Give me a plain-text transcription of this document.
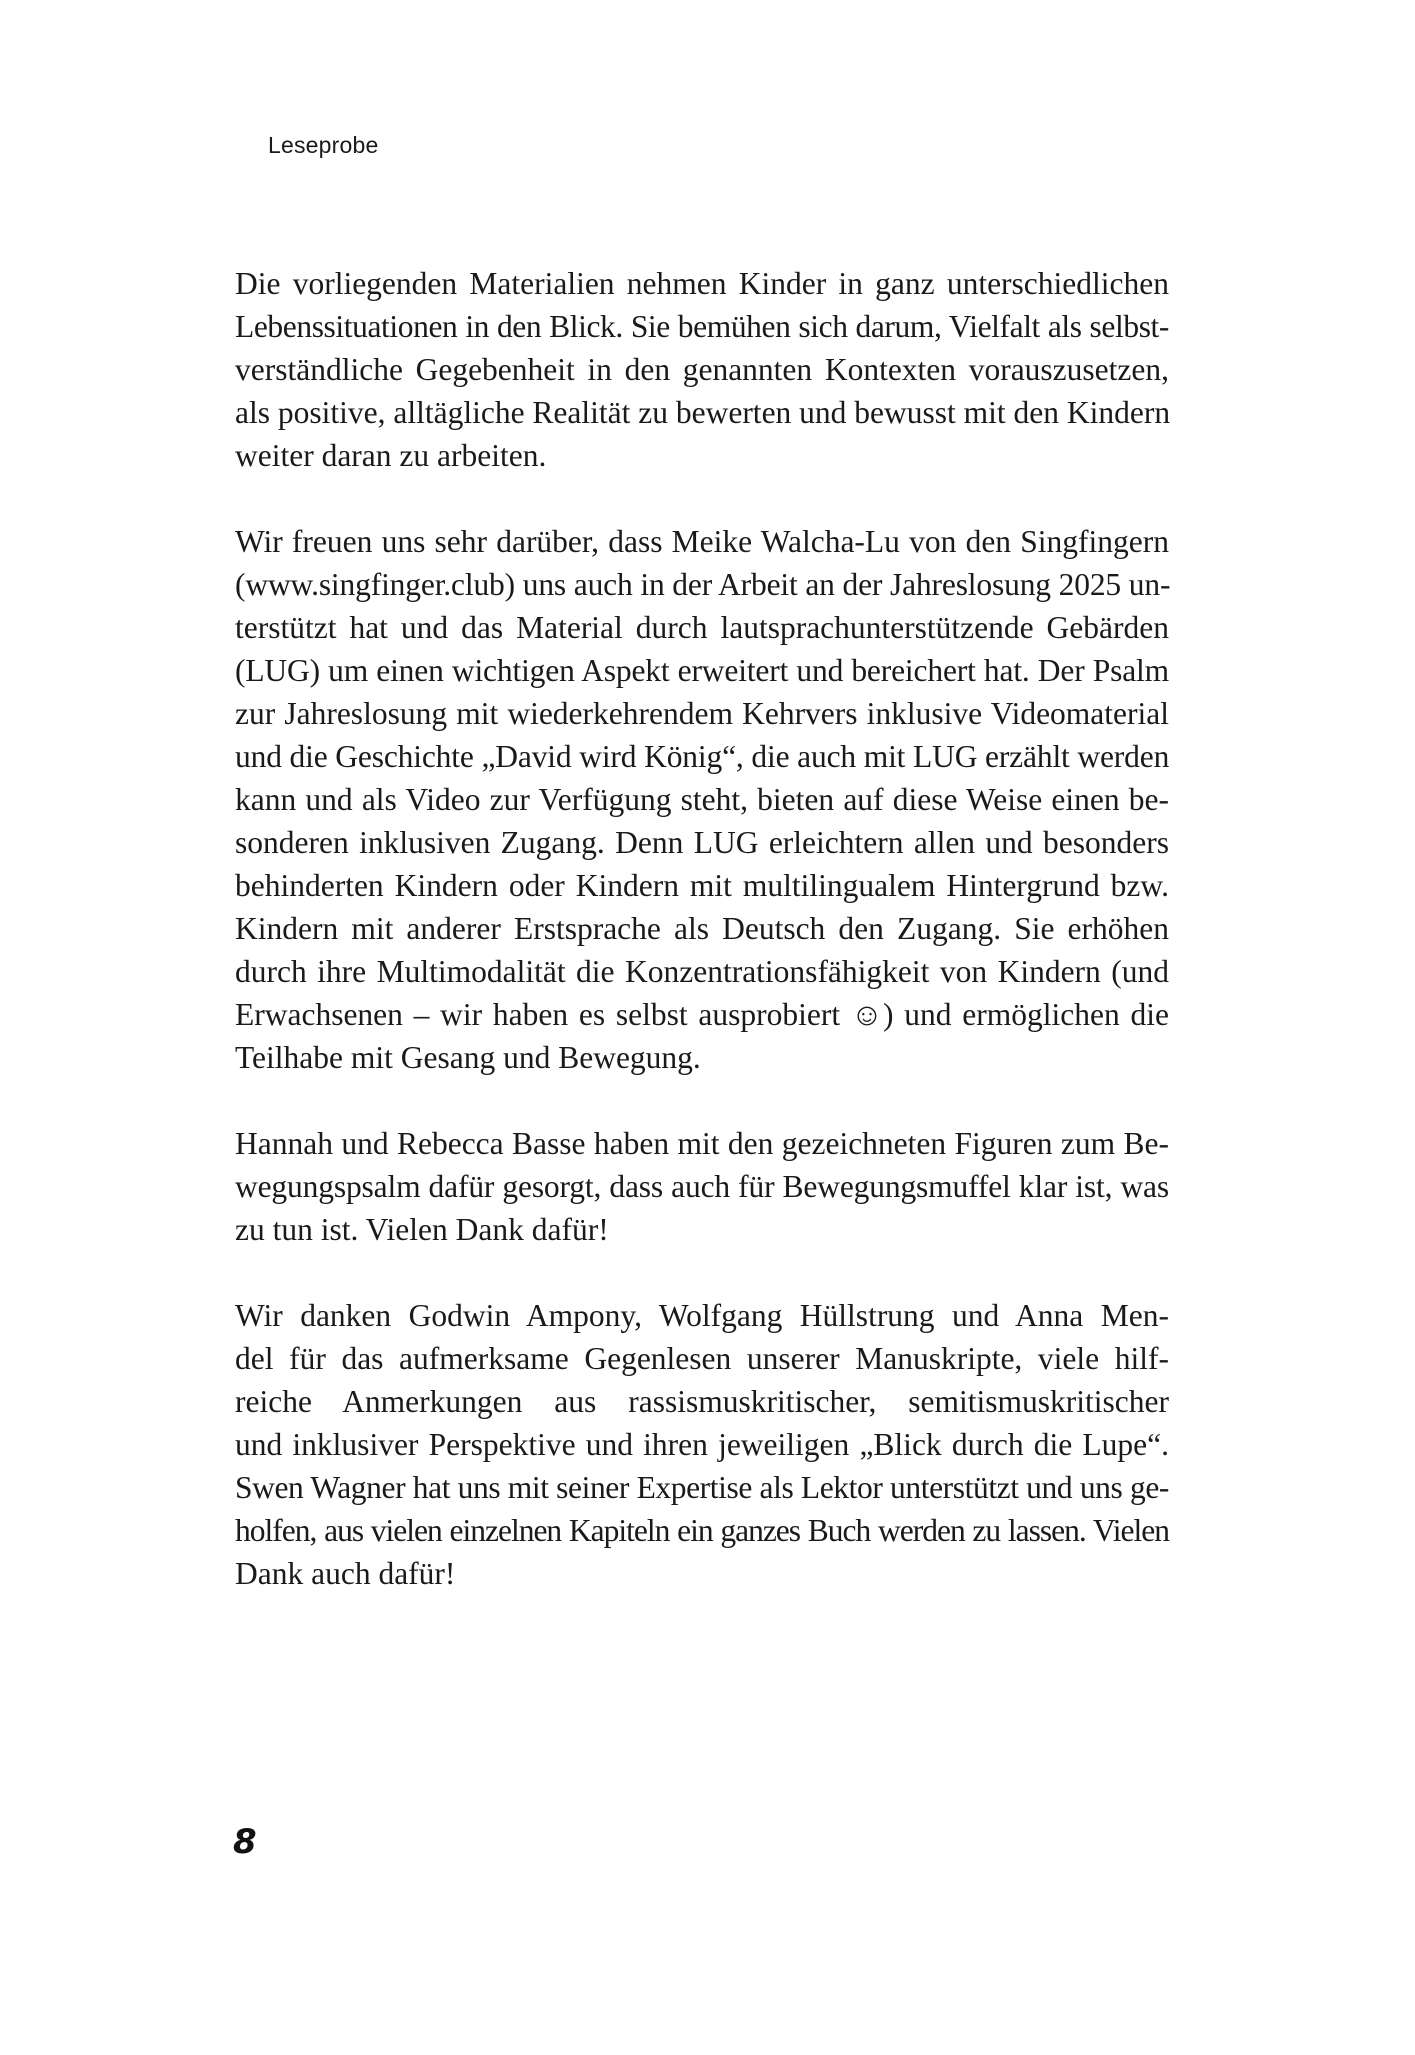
Leseprobe
Die vorliegenden Materialien nehmen Kinder in ganz unterschiedlichen
Lebenssituationen in den Blick. Sie bemühen sich darum, Vielfalt als selbst-
verständliche Gegebenheit in den genannten Kontexten vorauszusetzen,
als positive, alltägliche Realität zu bewerten und bewusst mit den Kindern
weiter daran zu arbeiten.
Wir freuen uns sehr darüber, dass Meike Walcha-Lu von den Singfingern
(www.singfinger.club) uns auch in der Arbeit an der Jahreslosung 2025 un-
terstützt hat und das Material durch lautsprachunterstützende Gebärden
(LUG) um einen wichtigen Aspekt erweitert und bereichert hat. Der Psalm
zur Jahreslosung mit wiederkehrendem Kehrvers inklusive Videomaterial
und die Geschichte „David wird König“, die auch mit LUG erzählt werden
kann und als Video zur Verfügung steht, bieten auf diese Weise einen be-
sonderen inklusiven Zugang. Denn LUG erleichtern allen und besonders
behinderten Kindern oder Kindern mit multilingualem Hintergrund bzw.
Kindern mit anderer Erstsprache als Deutsch den Zugang. Sie erhöhen
durch ihre Multimodalität die Konzentrationsfähigkeit von Kindern (und
Erwachsenen – wir haben es selbst ausprobiert ☺) und ermöglichen die
Teilhabe mit Gesang und Bewegung.
Hannah und Rebecca Basse haben mit den gezeichneten Figuren zum Be-
wegungspsalm dafür gesorgt, dass auch für Bewegungsmuffel klar ist, was
zu tun ist. Vielen Dank dafür!
Wir danken Godwin Ampony, Wolfgang Hüllstrung und Anna Men-
del für das aufmerksame Gegenlesen unserer Manuskripte, viele hilf-
reiche Anmerkungen aus rassismuskritischer, semitismuskritischer
und inklusiver Perspektive und ihren jeweiligen „Blick durch die Lupe“.
Swen Wagner hat uns mit seiner Expertise als Lektor unterstützt und uns ge-
holfen, aus vielen einzelnen Kapiteln ein ganzes Buch werden zu lassen. Vielen
Dank auch dafür!
8
